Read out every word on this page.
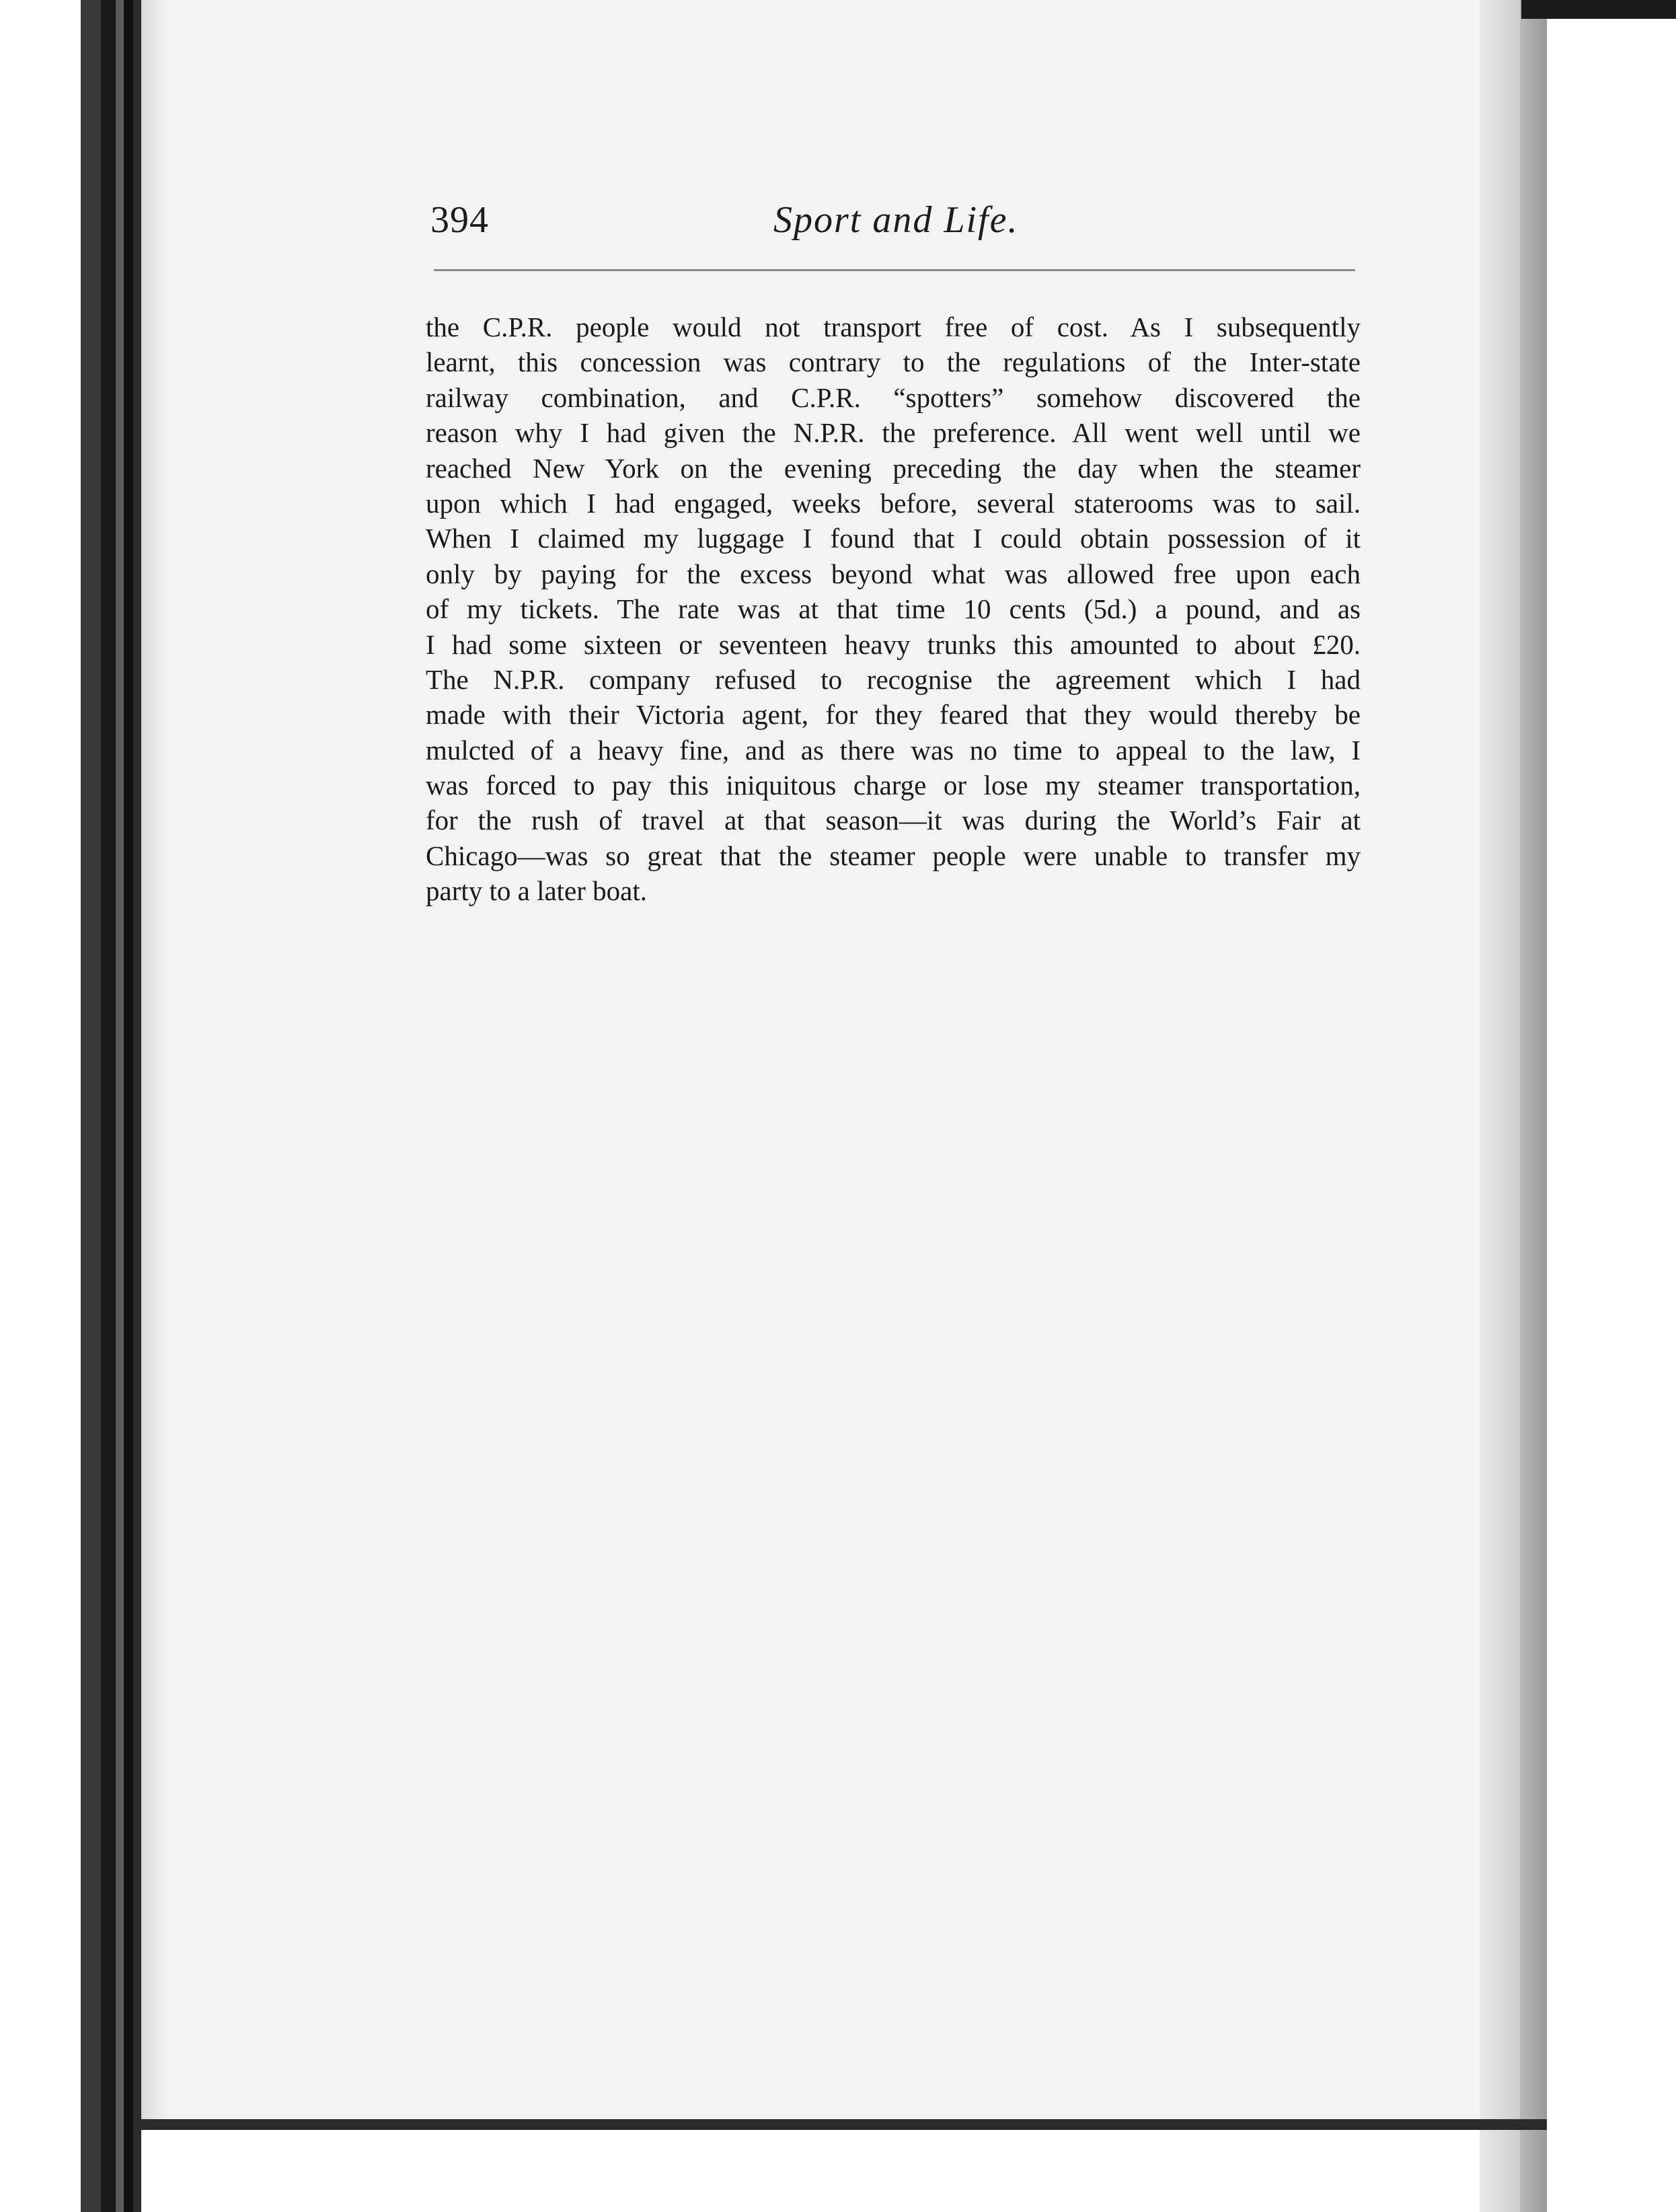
394	Sport and Life.
the C.P.R. people would not transport free of cost. As I subsequently
learnt, this concession was contrary to the regulations of the Inter-state
railway combination, and C.P.R. “spotters” somehow discovered the
reason why I had given the N.P.R. the preference. All went well until we
reached New York on the evening preceding the day when the steamer
upon which I had engaged, weeks before, several staterooms was to sail.
When I claimed my luggage I found that I could obtain possession of it
only by paying for the excess beyond what was allowed free upon each
of my tickets. The rate was at that time 10 cents (5d.) a pound, and as
I had some sixteen or seventeen heavy trunks this amounted to about £20.
The N.P.R. company refused to recognise the agreement which I had
made with their Victoria agent, for they feared that they would thereby be
mulcted of a heavy fine, and as there was no time to appeal to the law, I
was forced to pay this iniquitous charge or lose my steamer transportation,
for the rush of travel at that season—it was during the World’s Fair at
Chicago—was so great that the steamer people were unable to transfer my
party to a later boat.
